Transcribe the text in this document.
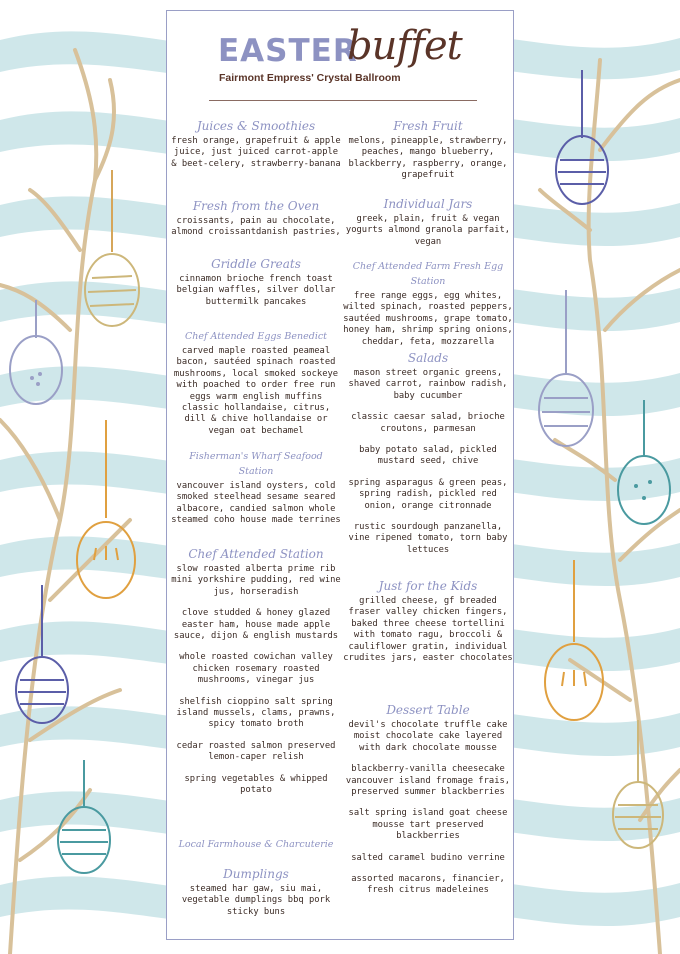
EASTER
buffet
Fairmont Empress' Crystal Ballroom
Juices & Smoothies
fresh orange, grapefruit & apple juice, just juiced carrot-apple & beet-celery, strawberry-banana
Fresh from the Oven
croissants, pain au chocolate, almond croissantdanish pastries,
Griddle Greats
cinnamon brioche french toast belgian waffles, silver dollar buttermilk pancakes
Chef Attended Eggs Benedict
carved maple roasted peameal bacon, sautéed spinach roasted mushrooms, local smoked sockeye with poached to order free run eggs warm english muffins classic hollandaise, citrus, dill & chive hollandaise or vegan oat bechamel
Fisherman's Wharf Seafood Station
vancouver island oysters, cold smoked steelhead sesame seared albacore, candied salmon whole steamed coho house made terrines
Chef Attended Station
slow roasted alberta prime rib mini yorkshire pudding, red wine jus, horseradish
clove studded & honey glazed easter ham, house made apple sauce, dijon & english mustards
whole roasted cowichan valley chicken rosemary roasted mushrooms, vinegar jus
shelfish cioppino salt spring island mussels, clams, prawns, spicy tomato broth
cedar roasted salmon preserved lemon-caper relish
spring vegetables & whipped potato
Local Farmhouse & Charcuterie
Dumplings
steamed har gaw, siu mai, vegetable dumplings bbq pork sticky buns
Fresh Fruit
melons, pineapple, strawberry, peaches, mango blueberry, blackberry, raspberry, orange, grapefruit
Individual Jars
greek, plain, fruit & vegan yogurts almond granola parfait, vegan
Chef Attended Farm Fresh Egg Station
free range eggs, egg whites, wilted spinach, roasted peppers, sautéed mushrooms, grape tomato, honey ham, shrimp spring onions, cheddar, feta, mozzarella
Salads
mason street organic greens, shaved carrot, rainbow radish, baby cucumber
classic caesar salad, brioche croutons, parmesan
baby potato salad, pickled mustard seed, chive
spring asparagus & green peas, spring radish, pickled red onion, orange citronnade
rustic sourdough panzanella, vine ripened tomato, torn baby lettuces
Just for the Kids
grilled cheese, gf breaded fraser valley chicken fingers, baked three cheese tortellini with tomato ragu, broccoli & cauliflower gratin, individual crudites jars, easter chocolates
Dessert Table
devil's chocolate truffle cake moist chocolate cake layered with dark chocolate mousse
blackberry-vanilla cheesecake vancouver island fromage frais, preserved summer blackberries
salt spring island goat cheese mousse tart preserved blackberries
salted caramel budino verrine
assorted macarons, financier, fresh citrus madeleines
